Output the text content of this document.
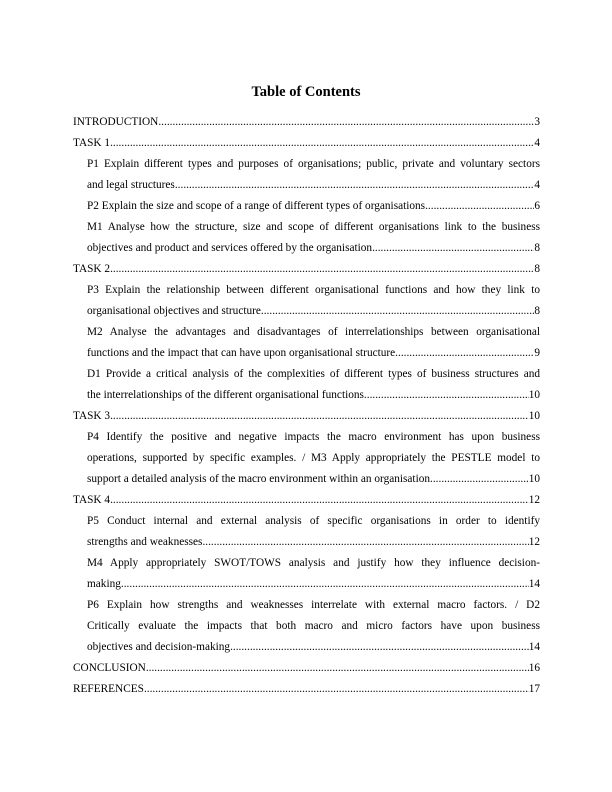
Table of Contents
INTRODUCTION .....	3
TASK 1 .....	4
P1 Explain different types and purposes of organisations; public, private and voluntary sectors
and legal structures .....	4
P2 Explain the size and scope of a range of different types of organisations .....	6
M1 Analyse how the structure, size and scope of different organisations link to the business
objectives and product and services offered by the organisation .....	8
TASK 2 .....	8
P3 Explain the relationship between different organisational functions and how they link to
organisational objectives and structure .....	8
M2 Analyse the advantages and disadvantages of interrelationships between organisational
functions and the impact that can have upon organisational structure .....	9
D1 Provide a critical analysis of the complexities of different types of business structures and
the interrelationships of the different organisational functions .....	10
TASK 3 .....	10
P4 Identify the positive and negative impacts the macro environment has upon business
operations, supported by specific examples. / M3 Apply appropriately the PESTLE model to
support a detailed analysis of the macro environment within an organisation .....	10
TASK 4 .....	12
P5 Conduct internal and external analysis of specific organisations in order to identify
strengths and weaknesses .....	12
M4 Apply appropriately SWOT/TOWS analysis and justify how they influence decision-
making .....	14
P6 Explain how strengths and weaknesses interrelate with external macro factors. / D2
Critically evaluate the impacts that both macro and micro factors have upon business
objectives and decision-making .....	14
CONCLUSION .....	16
REFERENCES .....	17
